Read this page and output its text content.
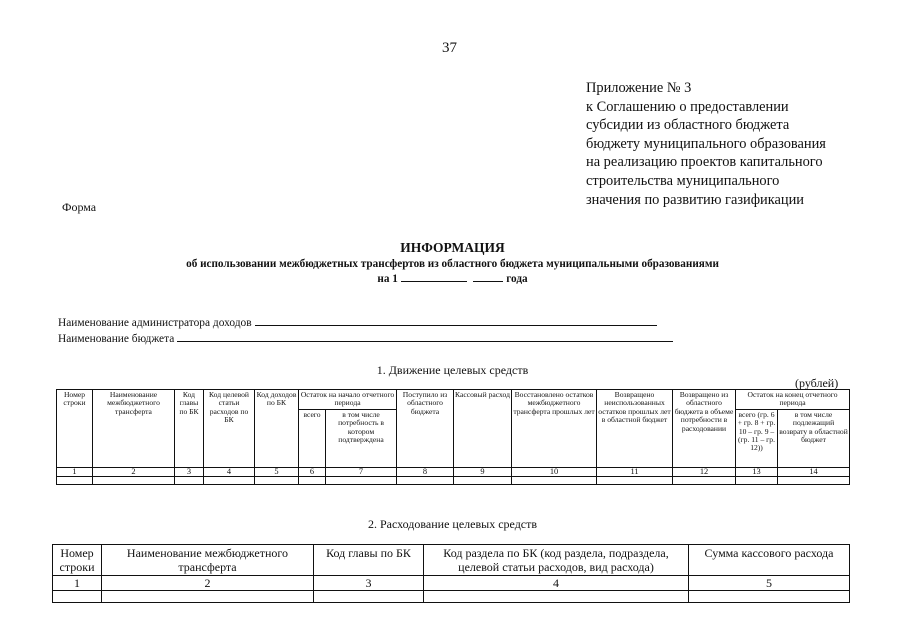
37
Приложение № 3
к Соглашению о предоставлении
субсидии из областного бюджета
бюджету муниципального образования
на реализацию проектов капитального
строительства муниципального
значения по развитию газификации
Форма
ИНФОРМАЦИЯ
об использовании межбюджетных трансфертов из областного бюджета муниципальными образованиями
на 1	года
Наименование администратора доходов
Наименование бюджета
1. Движение целевых средств
(рублей)
Номер строки	Наименование межбюджетного трансферта	Код главы по БК	Код целевой статьи расходов по БК	Код доходов по БК	Остаток на начало отчетного периода		Поступило из областного бюджета	Кассовый расход	Восстановлено остатков межбюджетного трансферта прошлых лет	Возвращено неиспользованных остатков прошлых лет в областной бюджет	Возвращено из областного бюджета в объеме потребности в расходовании	Остаток на конец отчетного периода	
					всего	в том числе потребность в котором подтверждена						всего (гр. 6 + гр. 8 + гр. 10 – гр. 9 – (гр. 11 – гр. 12))	в том числе подлежащий возврату в областной бюджет
1	2	3	4	5	6	7	8	9	10	11	12	13	14

2. Расходование целевых средств
Номер строки	Наименование межбюджетного трансферта	Код главы по БК	Код раздела по БК (код раздела, подраздела, целевой статьи расходов, вид расхода)	Сумма кассового расхода
1	2	3	4	5
